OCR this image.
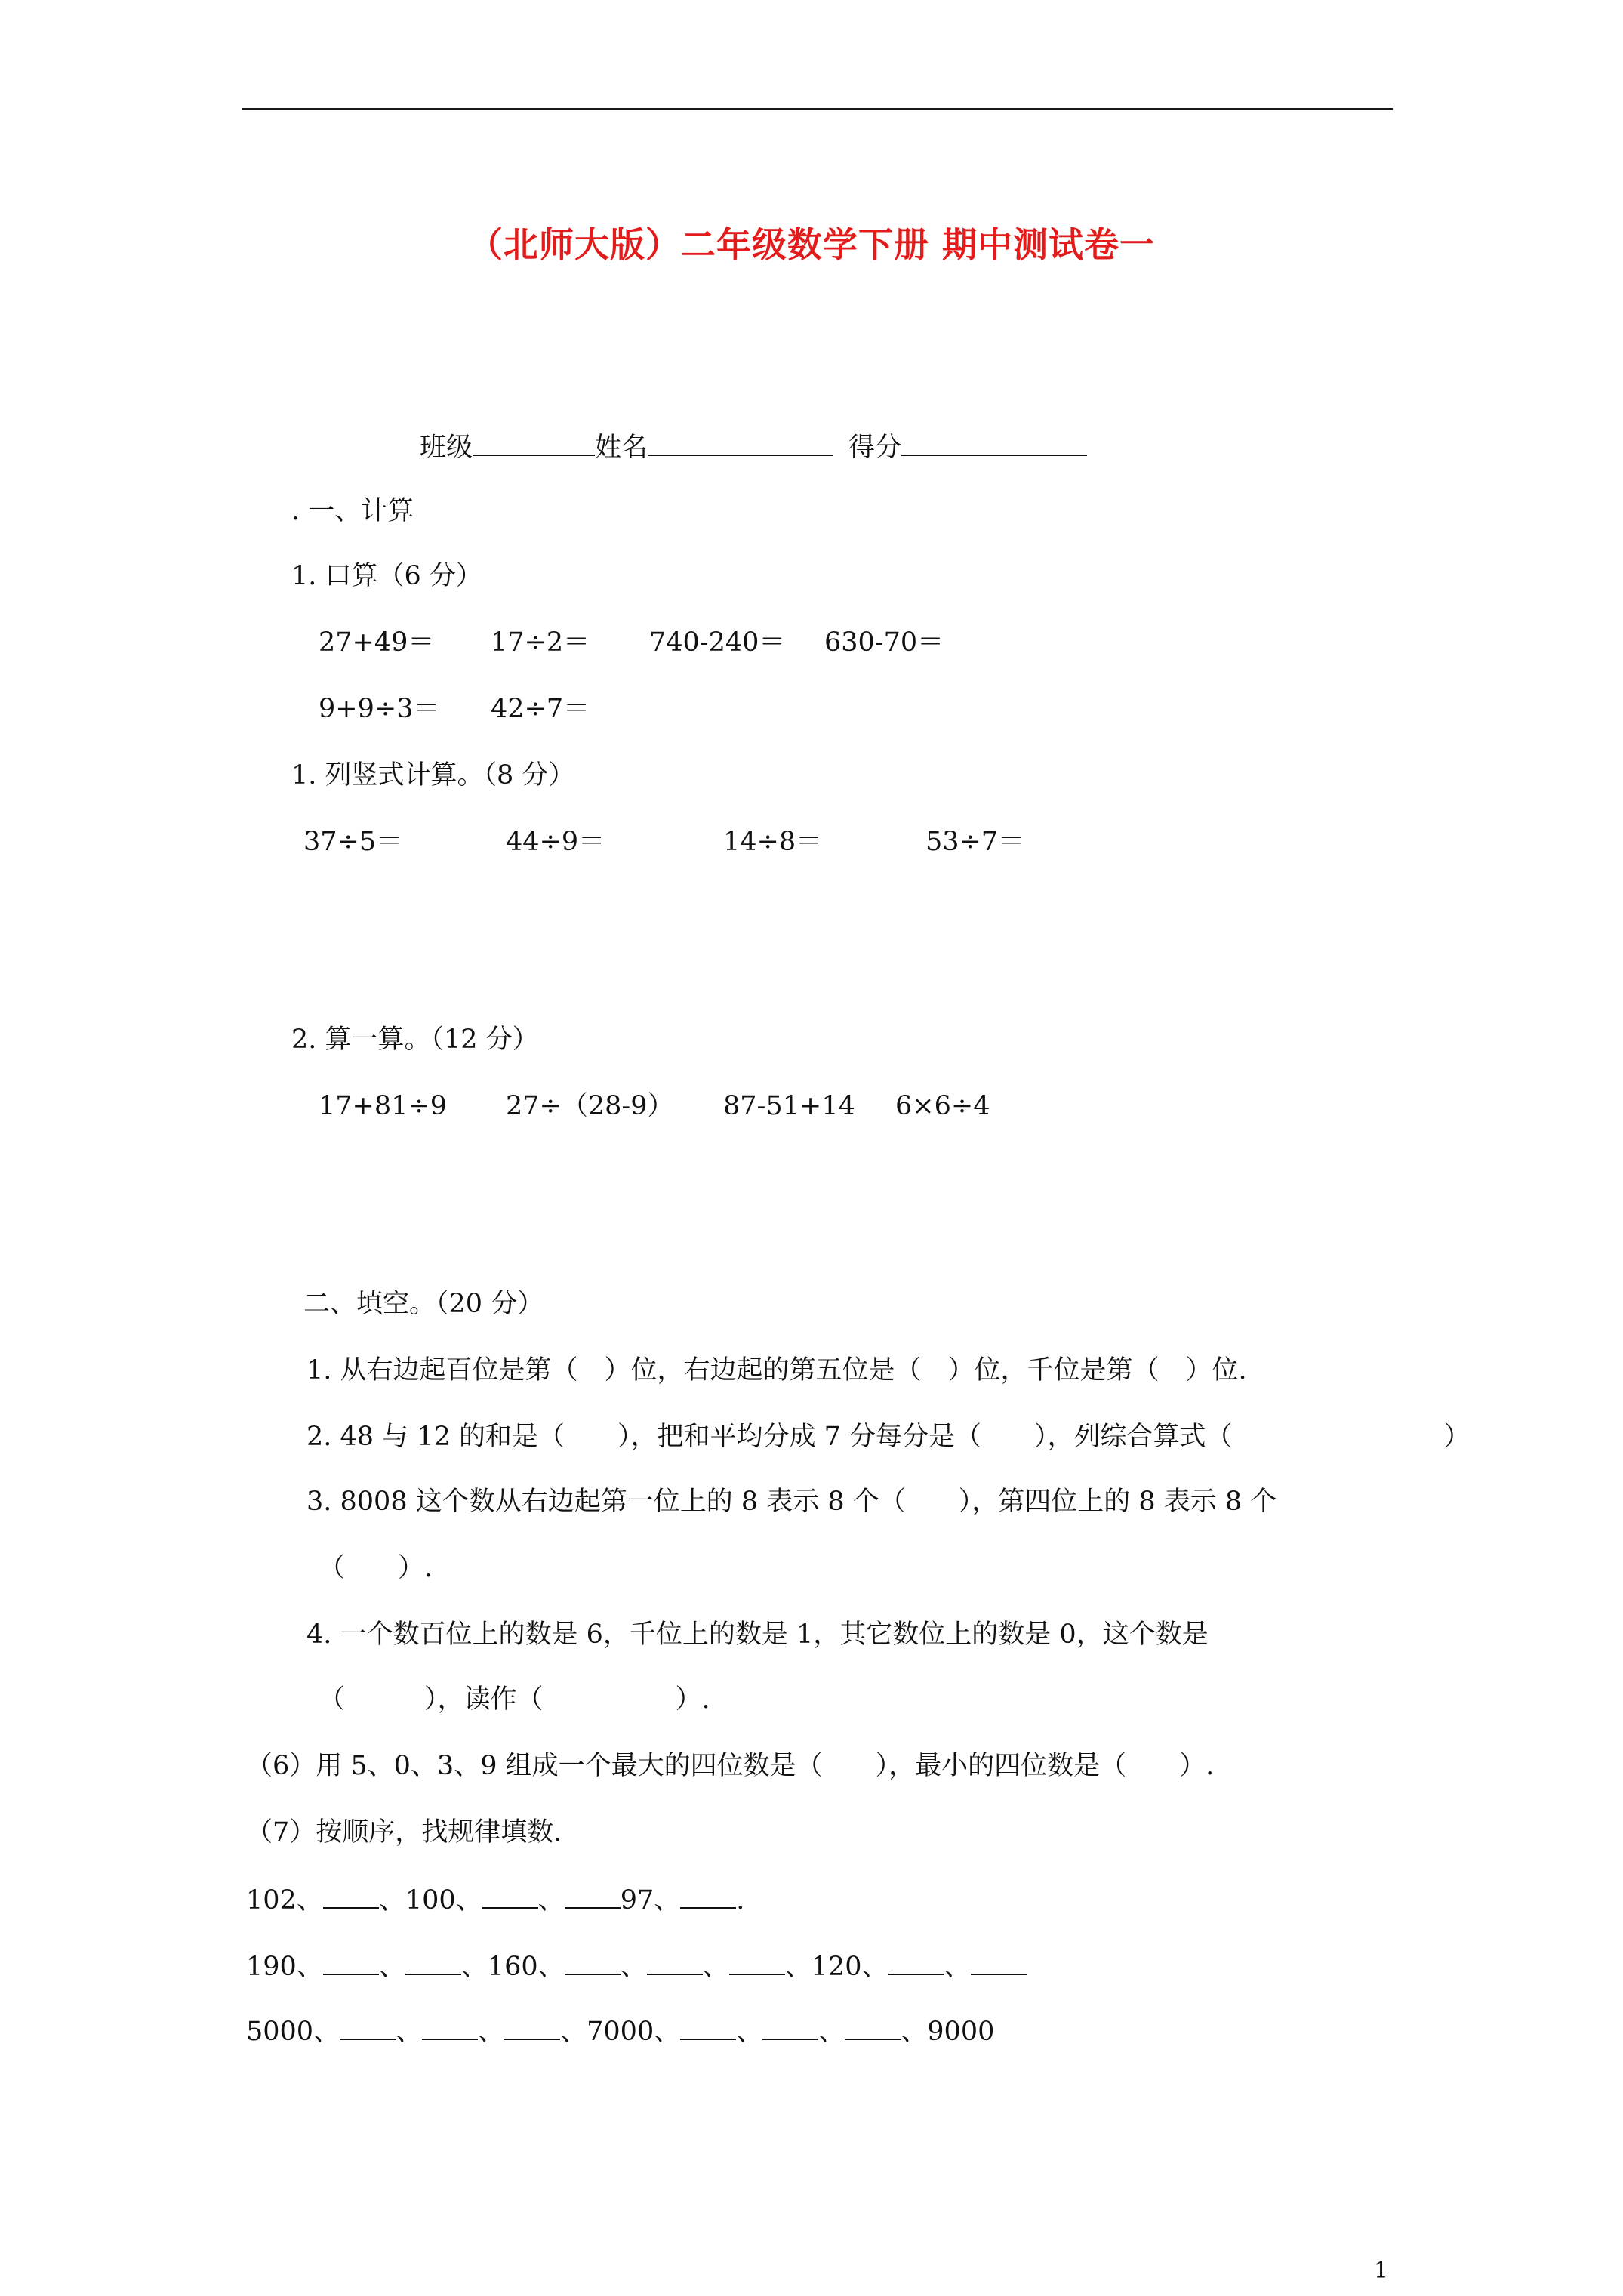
（北师大版）二年级数学下册 期中测试卷一
班级	姓名	得分
. 一、计算
1. 口算（6 分）
27+49＝ 17÷2＝ 740-240＝ 630-70＝
9+9÷3＝ 42÷7＝
1. 列竖式计算。（8 分）
37÷5＝	44÷9＝	14÷8＝	53÷7＝
2. 算一算。（12 分）
17+81÷9 27÷（28-9） 87-51+14 6×6÷4
二、填空。（20 分）
1. 从右边起百位是第（　）位，右边起的第五位是（　）位，千位是第（　）位.
2. 48 与 12 的和是（　　），把和平均分成 7 分每分是（　　），列综合算式（　　　　　　　　）
3. 8008 这个数从右边起第一位上的 8 表示 8 个（　　），第四位上的 8 表示 8 个
（　　）.
4. 一个数百位上的数是 6，千位上的数是 1，其它数位上的数是 0，这个数是
（　　　），读作（　　　　　）.
（6）用 5、0、3、9 组成一个最大的四位数是（　　），最小的四位数是（　　）.
（7）按顺序，找规律填数.
102、 、100、 、 97、 .
190、 、 、160、 、 、 、120、 、
5000、 、 、 、7000、 、 、 、9000
1
